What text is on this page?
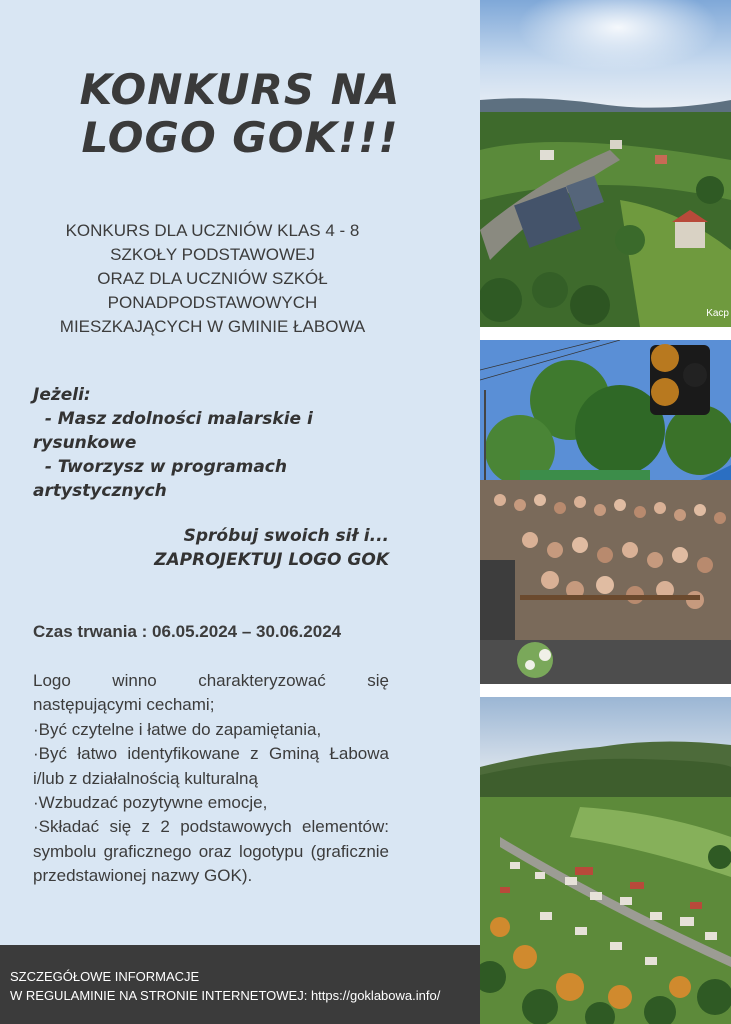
KONKURS NA
LOGO GOK!!!
KONKURS DLA UCZNIÓW KLAS 4 - 8
SZKOŁY PODSTAWOWEJ
ORAZ DLA UCZNIÓW SZKÓŁ
PONADPODSTAWOWYCH
MIESZKAJĄCYCH W GMINIE ŁABOWA
Jeżeli:
- Masz zdolności malarskie i
rysunkowe
- Tworzysz w programach
artystycznych
Spróbuj swoich sił i...
ZAPROJEKTUJ LOGO GOK
Czas trwania : 06.05.2024 – 30.06.2024

Logo winno charakteryzować się następującymi cechami;

·Być czytelne i łatwe do zapamiętania,

·Być łatwo identyfikowane z Gminą Łabowa i/lub z działalnością kulturalną

·Wzbudzać pozytywne emocje,

·Składać się z 2 podstawowych elementów: symbolu graficznego oraz logotypu (graficznie przedstawionej nazwy GOK).

SZCZEGÓŁOWE INFORMACJE
W REGULAMINIE NA STRONIE INTERNETOWEJ: https://goklabowa.info/
Kacp
